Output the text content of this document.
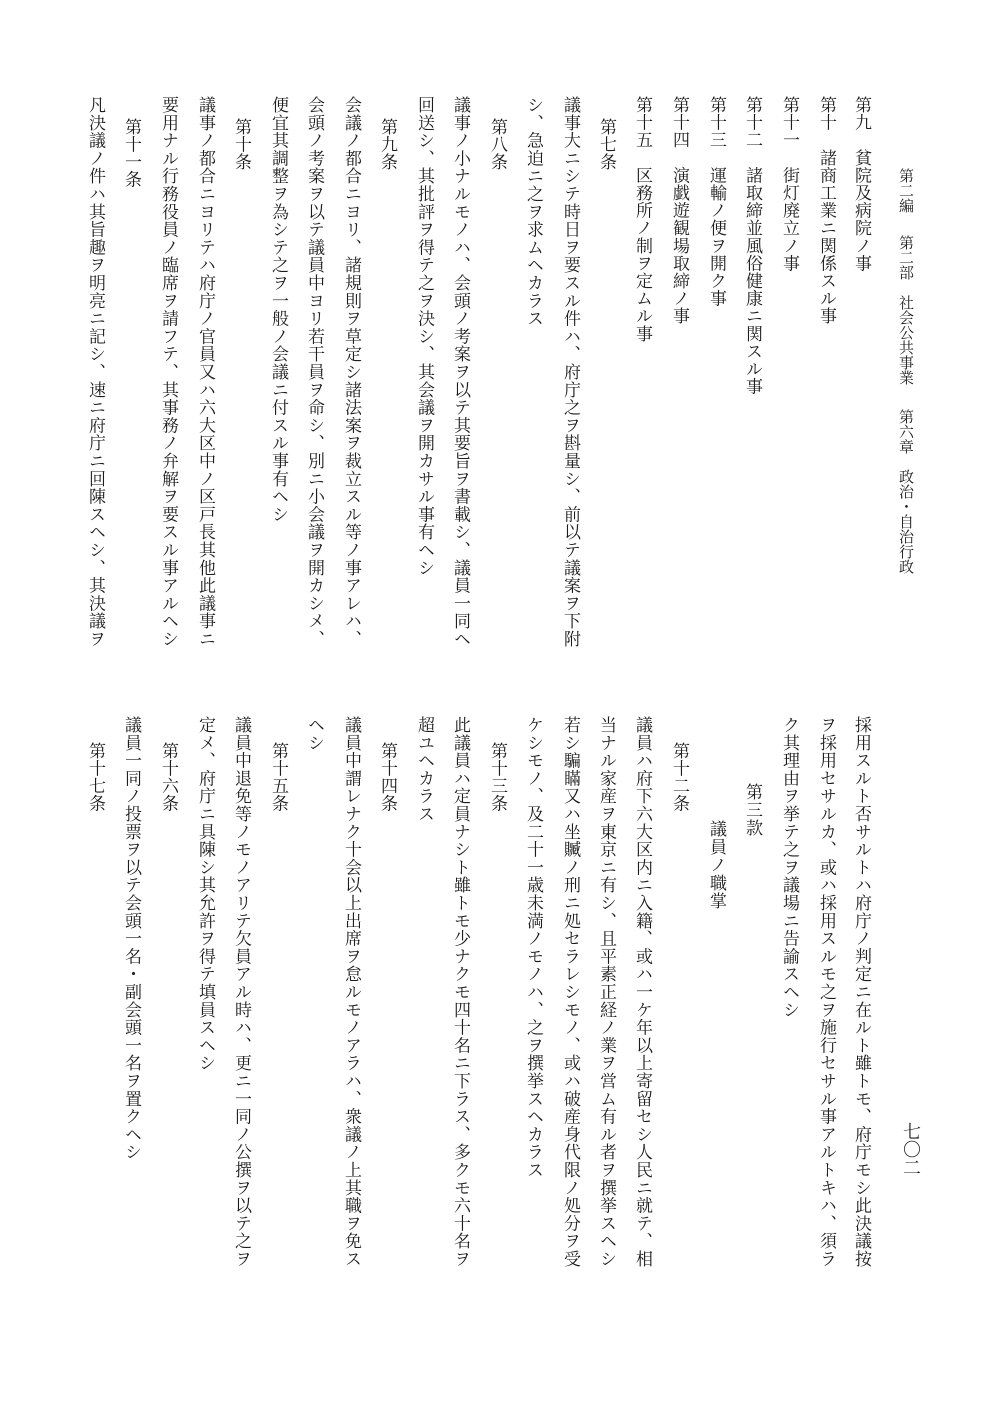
第二編第二部　社会公共事業第六章　政治・自治行政
七〇二
第九　貧院及病院ノ事
第十　諸商工業ニ関係スル事
第十一　街灯廃立ノ事
第十二　諸取締並風俗健康ニ関スル事
第十三　運輸ノ便ヲ開ク事
第十四　演戯遊観場取締ノ事
第十五　区務所ノ制ヲ定ムル事
第七条
議事大ニシテ時日ヲ要スル件ハ、府庁之ヲ斟量シ、前以テ議案ヲ下附
シ、急迫ニ之ヲ求ムヘカラス
第八条
議事ノ小ナルモノハ、会頭ノ考案ヲ以テ其要旨ヲ書載シ、議員一同ヘ
回送シ、其批評ヲ得テ之ヲ決シ、其会議ヲ開カサル事有ヘシ
第九条
会議ノ都合ニヨリ、諸規則ヲ草定シ諸法案ヲ裁立スル等ノ事アレハ、
会頭ノ考案ヲ以テ議員中ヨリ若干員ヲ命シ、別ニ小会議ヲ開カシメ、
便宜其調整ヲ為シテ之ヲ一般ノ会議ニ付スル事有ヘシ
第十条
議事ノ都合ニヨリテハ府庁ノ官員又ハ六大区中ノ区戸長其他此議事ニ
要用ナル行務役員ノ臨席ヲ請フテ、其事務ノ弁解ヲ要スル事アルヘシ
第十一条
凡決議ノ件ハ其旨趣ヲ明亮ニ記シ、速ニ府庁ニ回陳スヘシ、其決議ヲ
採用スルト否サルトハ府庁ノ判定ニ在ルト雖トモ、府庁モシ此決議按
ヲ採用セサルカ、或ハ採用スルモ之ヲ施行セサル事アルトキハ、須ラ
ク其理由ヲ挙テ之ヲ議場ニ告諭スヘシ
第三款
議員ノ職掌
第十二条
議員ハ府下六大区内ニ入籍、或ハ一ケ年以上寄留セシ人民ニ就テ、相
当ナル家産ヲ東京ニ有シ、且平素正経ノ業ヲ営ム有ル者ヲ撰挙スヘシ
若シ騙瞞又ハ坐贓ノ刑ニ処セラレシモノ、或ハ破産身代限ノ処分ヲ受
ケシモノ、及二十一歳未満ノモノハ、之ヲ撰挙スヘカラス
第十三条
此議員ハ定員ナシト雖トモ少ナクモ四十名ニ下ラス、多クモ六十名ヲ
超ユヘカラス
第十四条
議員中謂レナク十会以上出席ヲ怠ルモノアラハ、衆議ノ上其職ヲ免ス
ヘシ
第十五条
議員中退免等ノモノアリテ欠員アル時ハ、更ニ一同ノ公撰ヲ以テ之ヲ
定メ、府庁ニ具陳シ其允許ヲ得テ填員スヘシ
第十六条
議員一同ノ投票ヲ以テ会頭一名・副会頭一名ヲ置クヘシ
第十七条
